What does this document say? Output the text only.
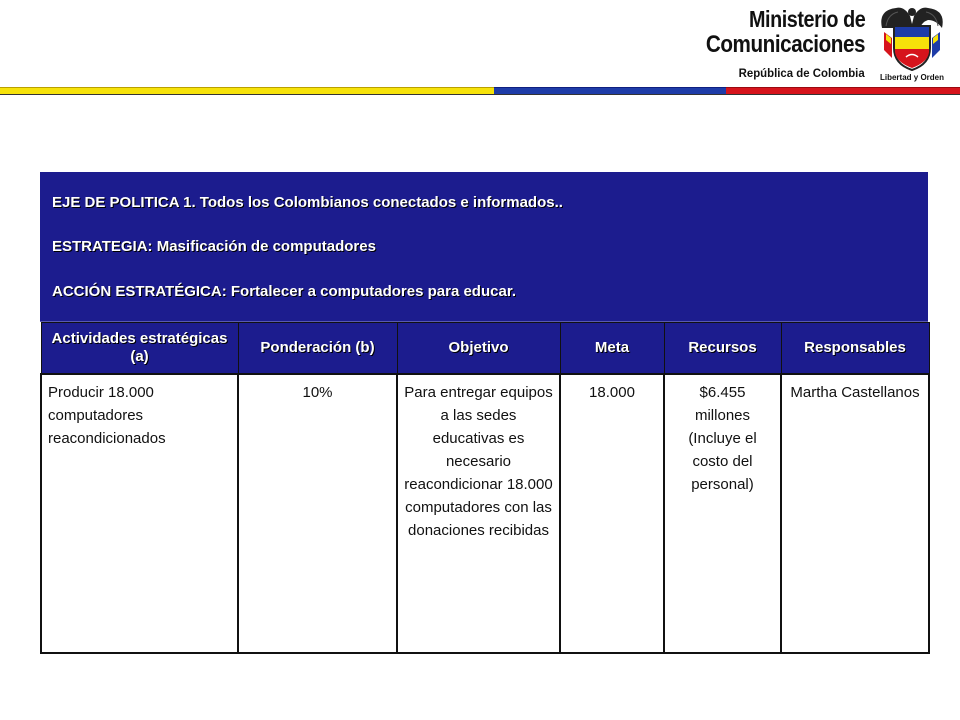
Ministerio de
Comunicaciones
República de Colombia	Libertad y Orden
EJE DE POLITICA 1. Todos los Colombianos conectados e informados..
ESTRATEGIA: Masificación de computadores
ACCIÓN ESTRATÉGICA: Fortalecer a computadores para educar.
Actividades estratégicas (a)	Ponderación (b)	Objetivo	Meta	Recursos	Responsables
Producir 18.000 computadores reacondicionados	10%	Para entregar equipos a las sedes educativas es necesario reacondicionar 18.000 computadores con las donaciones recibidas	18.000	$6.455 millones (Incluye el costo del personal)	Martha Castellanos
